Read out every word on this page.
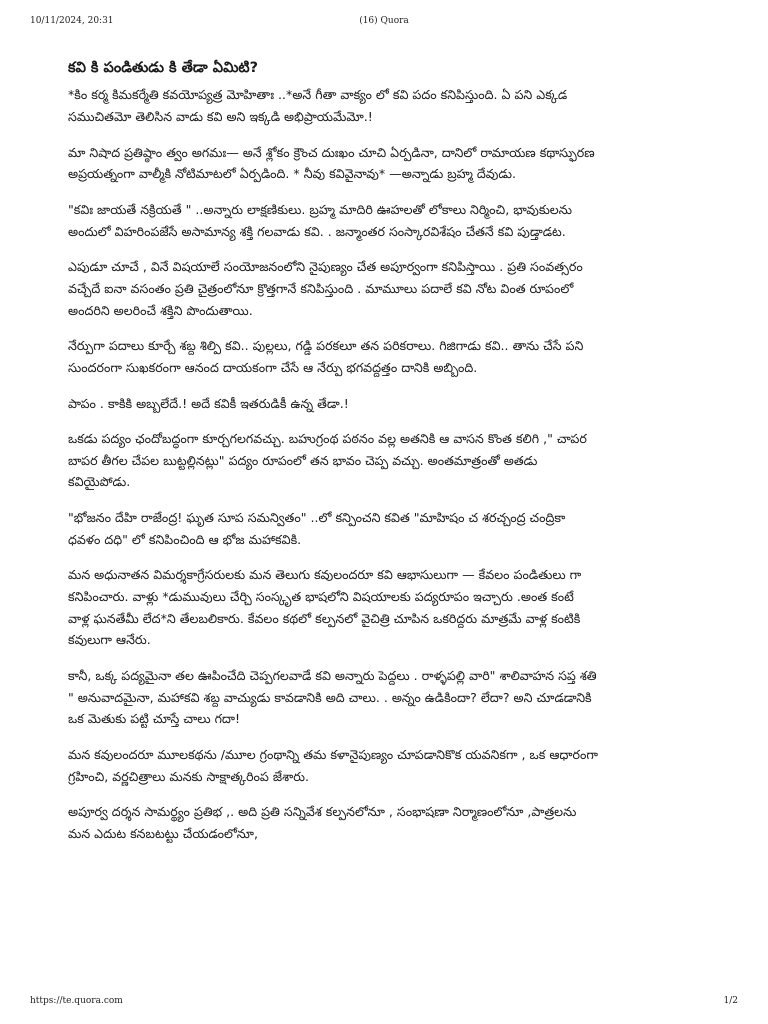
10/11/2024, 20:31	(16) Quora
కవి కి పండితుడు కి తేడా ఏమిటి?

*కిం కర్మ కిమకర్మేతి కవయోప్యత్ర మోహితాః ..*అనే గీతా వాక్యం లో కవి పదం కనిపిస్తుంది. ఏ పని ఎక్కడ సముచితమో తెలిసిన వాడు కవి అని ఇక్కడి అభిప్రాయమేమో.!

మా నిషాద ప్రతిష్ఠాం త్వం అగమః— అనే శ్లోకం క్రౌంచ దుఃఖం చూచి ఏర్పడినా, దానిలో రామాయణ కథాస్ఫురణ అప్రయత్నంగా వాల్మీకి నోటిమాటలో ఏర్పడింది. * నీవు కవివైనావు* —అన్నాడు బ్రహ్మ దేవుడు.

"కవిః జాయతే నక్రియతే " ..అన్నారు లాక్షణికులు. బ్రహ్మ మాదిరి ఊహలతో లోకాలు నిర్మించి, భావుకులను అందులో విహరింపజేసే అసామాన్య శక్తి గలవాడు కవి. . జన్మాంతర సంస్కారవిశేషం చేతనే కవి పుడ్తాడట.

ఎపుడూ చూచే , వినే విషయాలే సంయోజనంలోని నైపుణ్యం చేత అపూర్వంగా కనిపిస్తాయి . ప్రతి సంవత్సరం వచ్చేదే ఐనా వసంతం ప్రతి చైత్రంలోనూ క్రొత్తగానే కనిపిస్తుంది . మామూలు పదాలే కవి నోట వింత రూపంలో అందరిని అలరించే శక్తిని పొందుతాయి.

నేర్పుగా పదాలు కూర్చే శబ్ద శిల్పి కవి.. పుల్లలు, గడ్డి పరకలూ తన పరికరాలు. గిజిగాడు కవి.. తాను చేసే పని సుందరంగా సుఖకరంగా ఆనంద దాయకంగా చేసే ఆ నేర్పు భగవద్దత్తం దానికి అబ్బింది.

పాపం . కాకికి అబ్బలేదే.! అదే కవికీ ఇతరుడికీ ఉన్న తేడా.!

ఒకడు పద్యం ఛందోబద్ధంగా కూర్చగలగవచ్చు. బహుగ్రంథ పఠనం వల్ల అతనికి ఆ వాసన కొంత కలిగి ," చాపర బాపర తీగల చేపల బుట్టల్లినట్లు" పద్యం రూపంలో తన భావం చెప్ప వచ్చు. అంతమాత్రంతో అతడు కవియైపోడు.

"భోజనం దేహి రాజేంద్ర! ఘృత సూప సమన్వితం" ..లో కన్పించని కవిత "మాహిషం చ శరచ్చంద్ర చంద్రికా ధవళం దధి" లో కనిపించింది ఆ భోజ మహాకవికి.

మన అధునాతన విమర్శకాగ్రేసరులకు మన తెలుగు కవులందరూ కవి ఆభాసులుగా — కేవలం పండితులు గా కనిపించారు. వాళ్లు *డుమువులు చేర్చి సంస్కృత భాషలోని విషయాలకు పద్యరూపం ఇచ్చారు .అంత కంటే వాళ్ల ఘనతేమీ లేద*ని తేలబలికారు. కేవలం కథలో కల్పనలో వైచిత్రి చూపిన ఒకరిద్దరు మాత్రమే వాళ్ల కంటికి కవులుగా ఆనేరు.

కానీ, ఒక్క పద్యమైనా తల ఊపించేది చెప్పగలవాడే కవి అన్నారు పెద్దలు . రాళ్ళపల్లి వారి" శాలివాహన సప్త శతి " అనువాదమైనా, మహాకవి శబ్ద వాచ్యుడు కావడానికి అది చాలు. . అన్నం ఉడికిందా? లేదా? అని చూడడానికి ఒక మెతుకు పట్టి చూస్తే చాలు గదా!

మన కవులందరూ మూలకథను /మూల గ్రంథాన్ని తమ కళానైపుణ్యం చూపడానికొక యవనికగా , ఒక ఆధారంగా గ్రహించి, వర్ణచిత్రాలు మనకు సాక్షాత్కరింప జేశారు.

అపూర్వ దర్శన సామర్థ్యం ప్రతిభ ,. అది ప్రతి సన్నివేశ కల్పనలోనూ , సంభాషణా నిర్మాణంలోనూ ,పాత్రలను మన ఎదుట కనబటట్టు చేయడంలోనూ,

https://te.quora.com	1/2
